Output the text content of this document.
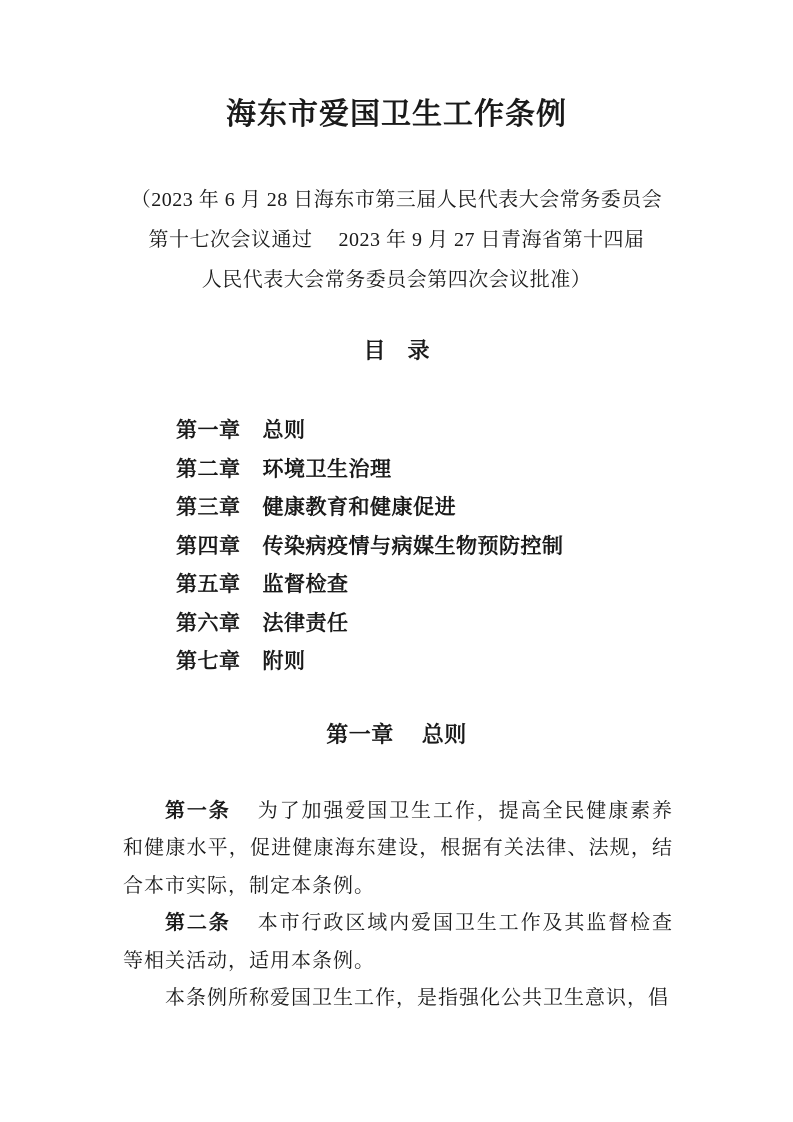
海东市爱国卫生工作条例
（2023 年 6 月 28 日海东市第三届人民代表大会常务委员会
第十七次会议通过　 2023 年 9 月 27 日青海省第十四届
人民代表大会常务委员会第四次会议批准）
目　录
第一章 总则
第二章 环境卫生治理
第三章 健康教育和健康促进
第四章 传染病疫情与病媒生物预防控制
第五章 监督检查
第六章 法律责任
第七章 附则
第一章 总则

第一条 为了加强爱国卫生工作，提高全民健康素养和健康水平，促进健康海东建设，根据有关法律、法规，结合本市实际，制定本条例。

第二条 本市行政区域内爱国卫生工作及其监督检查等相关活动，适用本条例。

本条例所称爱国卫生工作，是指强化公共卫生意识，倡
